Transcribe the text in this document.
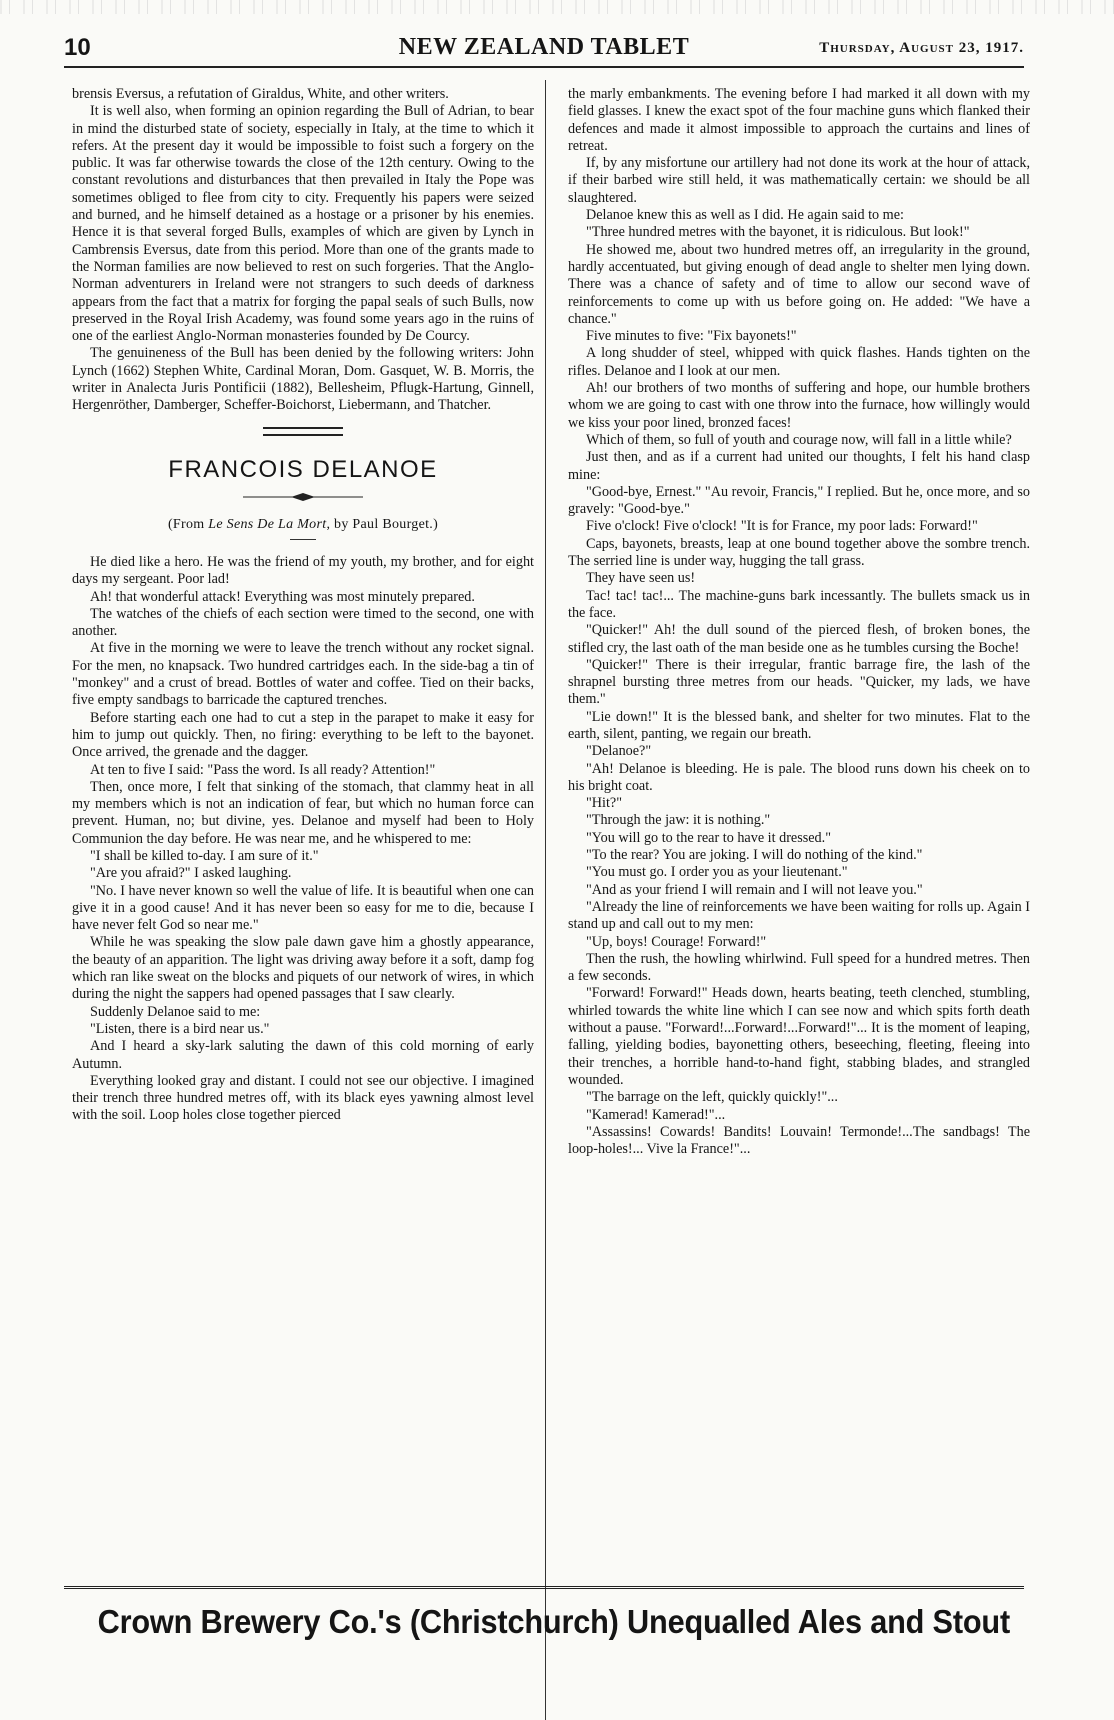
10	NEW ZEALAND TABLET	Thursday, August 23, 1917.

brensis Eversus, a refutation of Giraldus, White, and other writers.

It is well also, when forming an opinion regarding the Bull of Adrian, to bear in mind the disturbed state of society, especially in Italy, at the time to which it refers. At the present day it would be impossible to foist such a forgery on the public. It was far otherwise towards the close of the 12th century. Owing to the constant revolutions and disturbances that then prevailed in Italy the Pope was sometimes obliged to flee from city to city. Frequently his papers were seized and burned, and he himself detained as a hostage or a prisoner by his enemies. Hence it is that several forged Bulls, examples of which are given by Lynch in Cambrensis Eversus, date from this period. More than one of the grants made to the Norman families are now believed to rest on such forgeries. That the Anglo-Norman adventurers in Ireland were not strangers to such deeds of darkness appears from the fact that a matrix for forging the papal seals of such Bulls, now preserved in the Royal Irish Academy, was found some years ago in the ruins of one of the earliest Anglo-Norman monasteries founded by De Courcy.

The genuineness of the Bull has been denied by the following writers: John Lynch (1662) Stephen White, Cardinal Moran, Dom. Gasquet, W. B. Morris, the writer in Analecta Juris Pontificii (1882), Bellesheim, Pflugk-Hartung, Ginnell, Hergenröther, Damberger, Scheffer-Boichorst, Liebermann, and Thatcher.

FRANCOIS DELANOE
(From Le Sens De La Mort, by Paul Bourget.)

He died like a hero. He was the friend of my youth, my brother, and for eight days my sergeant. Poor lad!

Ah! that wonderful attack! Everything was most minutely prepared.

The watches of the chiefs of each section were timed to the second, one with another.

At five in the morning we were to leave the trench without any rocket signal. For the men, no knapsack. Two hundred cartridges each. In the side-bag a tin of "monkey" and a crust of bread. Bottles of water and coffee. Tied on their backs, five empty sandbags to barricade the captured trenches.

Before starting each one had to cut a step in the parapet to make it easy for him to jump out quickly. Then, no firing: everything to be left to the bayonet. Once arrived, the grenade and the dagger.

At ten to five I said: "Pass the word. Is all ready? Attention!"

Then, once more, I felt that sinking of the stomach, that clammy heat in all my members which is not an indication of fear, but which no human force can prevent. Human, no; but divine, yes. Delanoe and myself had been to Holy Communion the day before. He was near me, and he whispered to me:

"I shall be killed to-day. I am sure of it."

"Are you afraid?" I asked laughing.

"No. I have never known so well the value of life. It is beautiful when one can give it in a good cause! And it has never been so easy for me to die, because I have never felt God so near me."

While he was speaking the slow pale dawn gave him a ghostly appearance, the beauty of an apparition. The light was driving away before it a soft, damp fog which ran like sweat on the blocks and piquets of our network of wires, in which during the night the sappers had opened passages that I saw clearly.

Suddenly Delanoe said to me:

"Listen, there is a bird near us."

And I heard a sky-lark saluting the dawn of this cold morning of early Autumn.

Everything looked gray and distant. I could not see our objective. I imagined their trench three hundred metres off, with its black eyes yawning almost level with the soil. Loop holes close together pierced

the marly embankments. The evening before I had marked it all down with my field glasses. I knew the exact spot of the four machine guns which flanked their defences and made it almost impossible to approach the curtains and lines of retreat.

If, by any misfortune our artillery had not done its work at the hour of attack, if their barbed wire still held, it was mathematically certain: we should be all slaughtered.

Delanoe knew this as well as I did. He again said to me:

"Three hundred metres with the bayonet, it is ridiculous. But look!"

He showed me, about two hundred metres off, an irregularity in the ground, hardly accentuated, but giving enough of dead angle to shelter men lying down. There was a chance of safety and of time to allow our second wave of reinforcements to come up with us before going on. He added: "We have a chance."

Five minutes to five: "Fix bayonets!"

A long shudder of steel, whipped with quick flashes. Hands tighten on the rifles. Delanoe and I look at our men.

Ah! our brothers of two months of suffering and hope, our humble brothers whom we are going to cast with one throw into the furnace, how willingly would we kiss your poor lined, bronzed faces!

Which of them, so full of youth and courage now, will fall in a little while?

Just then, and as if a current had united our thoughts, I felt his hand clasp mine:

"Good-bye, Ernest." "Au revoir, Francis," I replied. But he, once more, and so gravely: "Good-bye."

Five o'clock! Five o'clock! "It is for France, my poor lads: Forward!"

Caps, bayonets, breasts, leap at one bound together above the sombre trench. The serried line is under way, hugging the tall grass.

They have seen us!

Tac! tac! tac!... The machine-guns bark incessantly. The bullets smack us in the face.

"Quicker!" Ah! the dull sound of the pierced flesh, of broken bones, the stifled cry, the last oath of the man beside one as he tumbles cursing the Boche!

"Quicker!" There is their irregular, frantic barrage fire, the lash of the shrapnel bursting three metres from our heads. "Quicker, my lads, we have them."

"Lie down!" It is the blessed bank, and shelter for two minutes. Flat to the earth, silent, panting, we regain our breath.

"Delanoe?"

"Ah! Delanoe is bleeding. He is pale. The blood runs down his cheek on to his bright coat.

"Hit?"

"Through the jaw: it is nothing."

"You will go to the rear to have it dressed."

"To the rear? You are joking. I will do nothing of the kind."

"You must go. I order you as your lieutenant."

"And as your friend I will remain and I will not leave you."

"Already the line of reinforcements we have been waiting for rolls up. Again I stand up and call out to my men:

"Up, boys! Courage! Forward!"

Then the rush, the howling whirlwind. Full speed for a hundred metres. Then a few seconds.

"Forward! Forward!" Heads down, hearts beating, teeth clenched, stumbling, whirled towards the white line which I can see now and which spits forth death without a pause. "Forward!...Forward!...Forward!"... It is the moment of leaping, falling, yielding bodies, bayonetting others, beseeching, fleeting, fleeing into their trenches, a horrible hand-to-hand fight, stabbing blades, and strangled wounded.

"The barrage on the left, quickly quickly!"...

"Kamerad! Kamerad!"...

"Assassins! Cowards! Bandits! Louvain! Termonde!...The sandbags! The loop-holes!... Vive la France!"...

Crown Brewery Co.'s (Christchurch) Unequalled Ales and Stout
